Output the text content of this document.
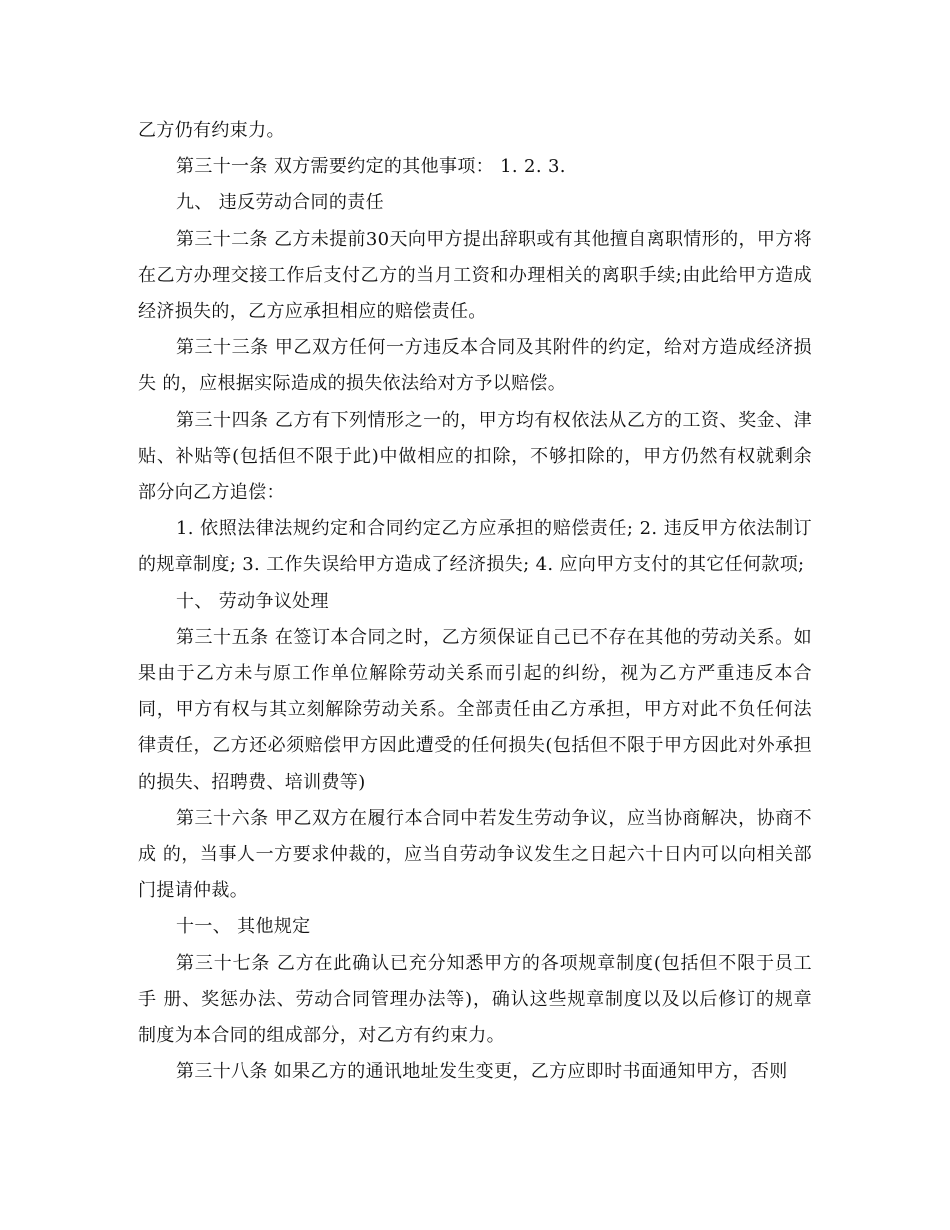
乙方仍有约束力。

第三十一条 双方需要约定的其他事项： 1. 2. 3.

九、 违反劳动合同的责任

第三十二条 乙方未提前30天向甲方提出辞职或有其他擅自离职情形的，甲方将 在乙方办理交接工作后支付乙方的当月工资和办理相关的离职手续;由此给甲方造成经济损失的，乙方应承担相应的赔偿责任。

第三十三条 甲乙双方任何一方违反本合同及其附件的约定，给对方造成经济损失 的，应根据实际造成的损失依法给对方予以赔偿。

第三十四条 乙方有下列情形之一的，甲方均有权依法从乙方的工资、奖金、津贴、补贴等(包括但不限于此)中做相应的扣除，不够扣除的，甲方仍然有权就剩余部分向乙方追偿：

1. 依照法律法规约定和合同约定乙方应承担的赔偿责任; 2. 违反甲方依法制订的规章制度; 3. 工作失误给甲方造成了经济损失; 4. 应向甲方支付的其它任何款项;

十、 劳动争议处理

第三十五条 在签订本合同之时，乙方须保证自己已不存在其他的劳动关系。如果由于乙方未与原工作单位解除劳动关系而引起的纠纷，视为乙方严重违反本合同，甲方有权与其立刻解除劳动关系。全部责任由乙方承担，甲方对此不负任何法律责任，乙方还必须赔偿甲方因此遭受的任何损失(包括但不限于甲方因此对外承担的损失、招聘费、培训费等)

第三十六条 甲乙双方在履行本合同中若发生劳动争议，应当协商解决，协商不成 的，当事人一方要求仲裁的，应当自劳动争议发生之日起六十日内可以向相关部门提请仲裁。

十一、 其他规定

第三十七条 乙方在此确认已充分知悉甲方的各项规章制度(包括但不限于员工手 册、奖惩办法、劳动合同管理办法等)，确认这些规章制度以及以后修订的规章制度为本合同的组成部分，对乙方有约束力。

第三十八条 如果乙方的通讯地址发生变更，乙方应即时书面通知甲方，否则
